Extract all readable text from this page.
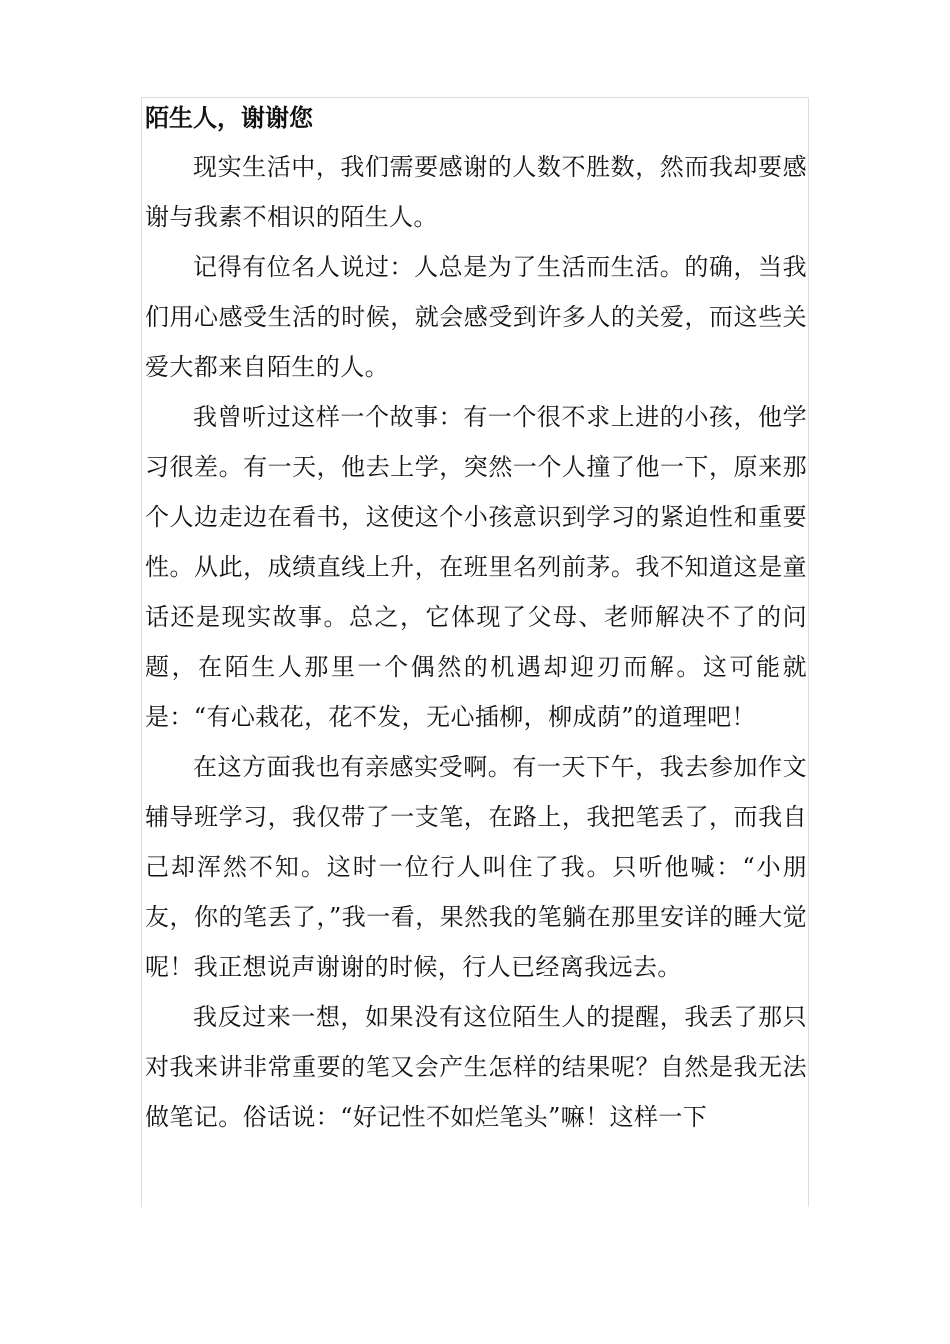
陌生人，谢谢您

现实生活中，我们需要感谢的人数不胜数，然而我却要感谢与我素不相识的陌生人。

记得有位名人说过：人总是为了生活而生活。的确，当我们用心感受生活的时候，就会感受到许多人的关爱，而这些关爱大都来自陌生的人。

我曾听过这样一个故事：有一个很不求上进的小孩，他学习很差。有一天，他去上学，突然一个人撞了他一下，原来那个人边走边在看书，这使这个小孩意识到学习的紧迫性和重要性。从此，成绩直线上升，在班里名列前茅。我不知道这是童话还是现实故事。总之，它体现了父母、老师解决不了的问题，在陌生人那里一个偶然的机遇却迎刃而解。这可能就是：“有心栽花，花不发，无心插柳，柳成荫”的道理吧！

在这方面我也有亲感实受啊。有一天下午，我去参加作文辅导班学习，我仅带了一支笔，在路上，我把笔丢了，而我自己却浑然不知。这时一位行人叫住了我。只听他喊：“小朋友，你的笔丢了，”我一看，果然我的笔躺在那里安详的睡大觉呢！我正想说声谢谢的时候，行人已经离我远去。

我反过来一想，如果没有这位陌生人的提醒，我丢了那只对我来讲非常重要的笔又会产生怎样的结果呢？自然是我无法做笔记。俗话说：“好记性不如烂笔头”嘛！这样一下
